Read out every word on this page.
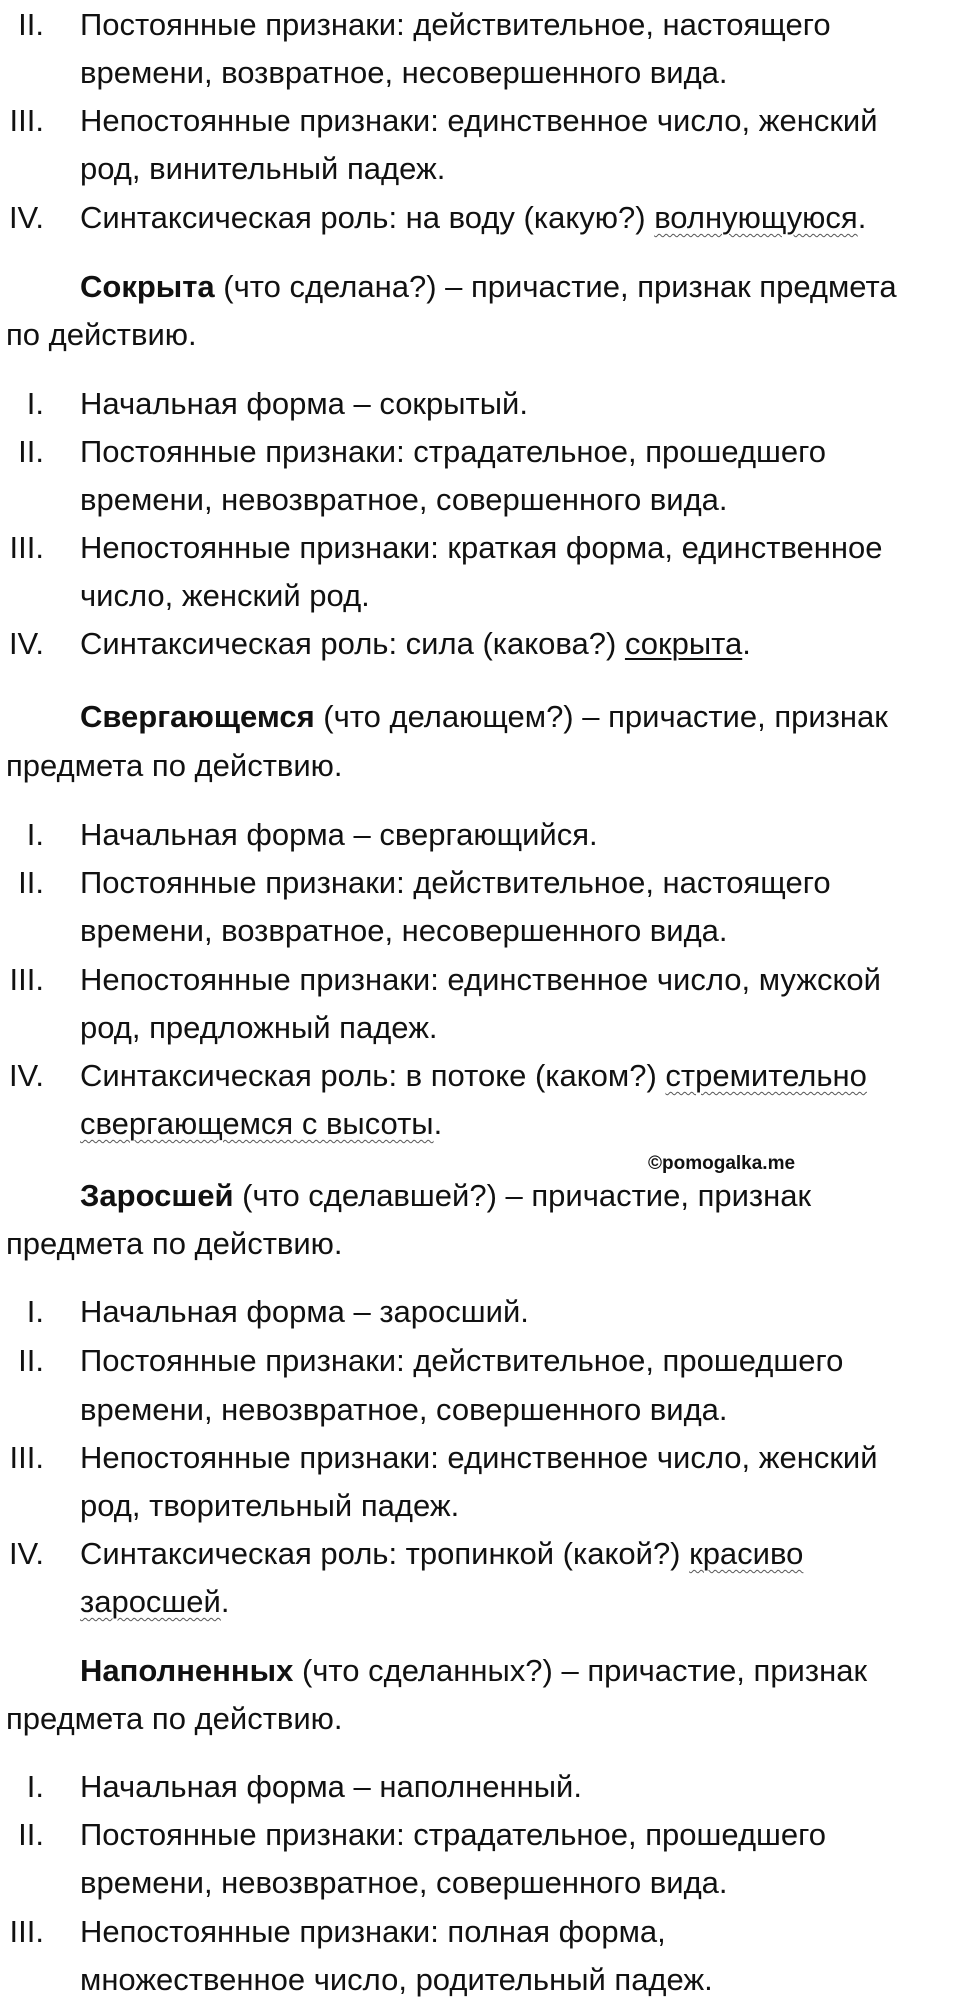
II. Постоянные признаки: действительное, настоящего
времени, возвратное, несовершенного вида.
III. Непостоянные признаки: единственное число, женский
род, винительный падеж.
IV. Синтаксическая роль: на воду (какую?) волнующуюся.
Сокрыта (что сделана?) – причастие, признак предмета
по действию.
I. Начальная форма – сокрытый.
II. Постоянные признаки: страдательное, прошедшего
времени, невозвратное, совершенного вида.
III. Непостоянные признаки: краткая форма, единственное
число, женский род.
IV. Синтаксическая роль: сила (какова?) сокрыта.
Свергающемся (что делающем?) – причастие, признак
предмета по действию.
I. Начальная форма – свергающийся.
II. Постоянные признаки: действительное, настоящего
времени, возвратное, несовершенного вида.
III. Непостоянные признаки: единственное число, мужской
род, предложный падеж.
IV. Синтаксическая роль: в потоке (каком?) стремительно
свергающемся с высоты.
©pomogalka.me
Заросшей (что сделавшей?) – причастие, признак
предмета по действию.
I. Начальная форма – заросший.
II. Постоянные признаки: действительное, прошедшего
времени, невозвратное, совершенного вида.
III. Непостоянные признаки: единственное число, женский
род, творительный падеж.
IV. Синтаксическая роль: тропинкой (какой?) красиво
заросшей.
Наполненных (что сделанных?) – причастие, признак
предмета по действию.
I. Начальная форма – наполненный.
II. Постоянные признаки: страдательное, прошедшего
времени, невозвратное, совершенного вида.
III. Непостоянные признаки: полная форма,
множественное число, родительный падеж.
